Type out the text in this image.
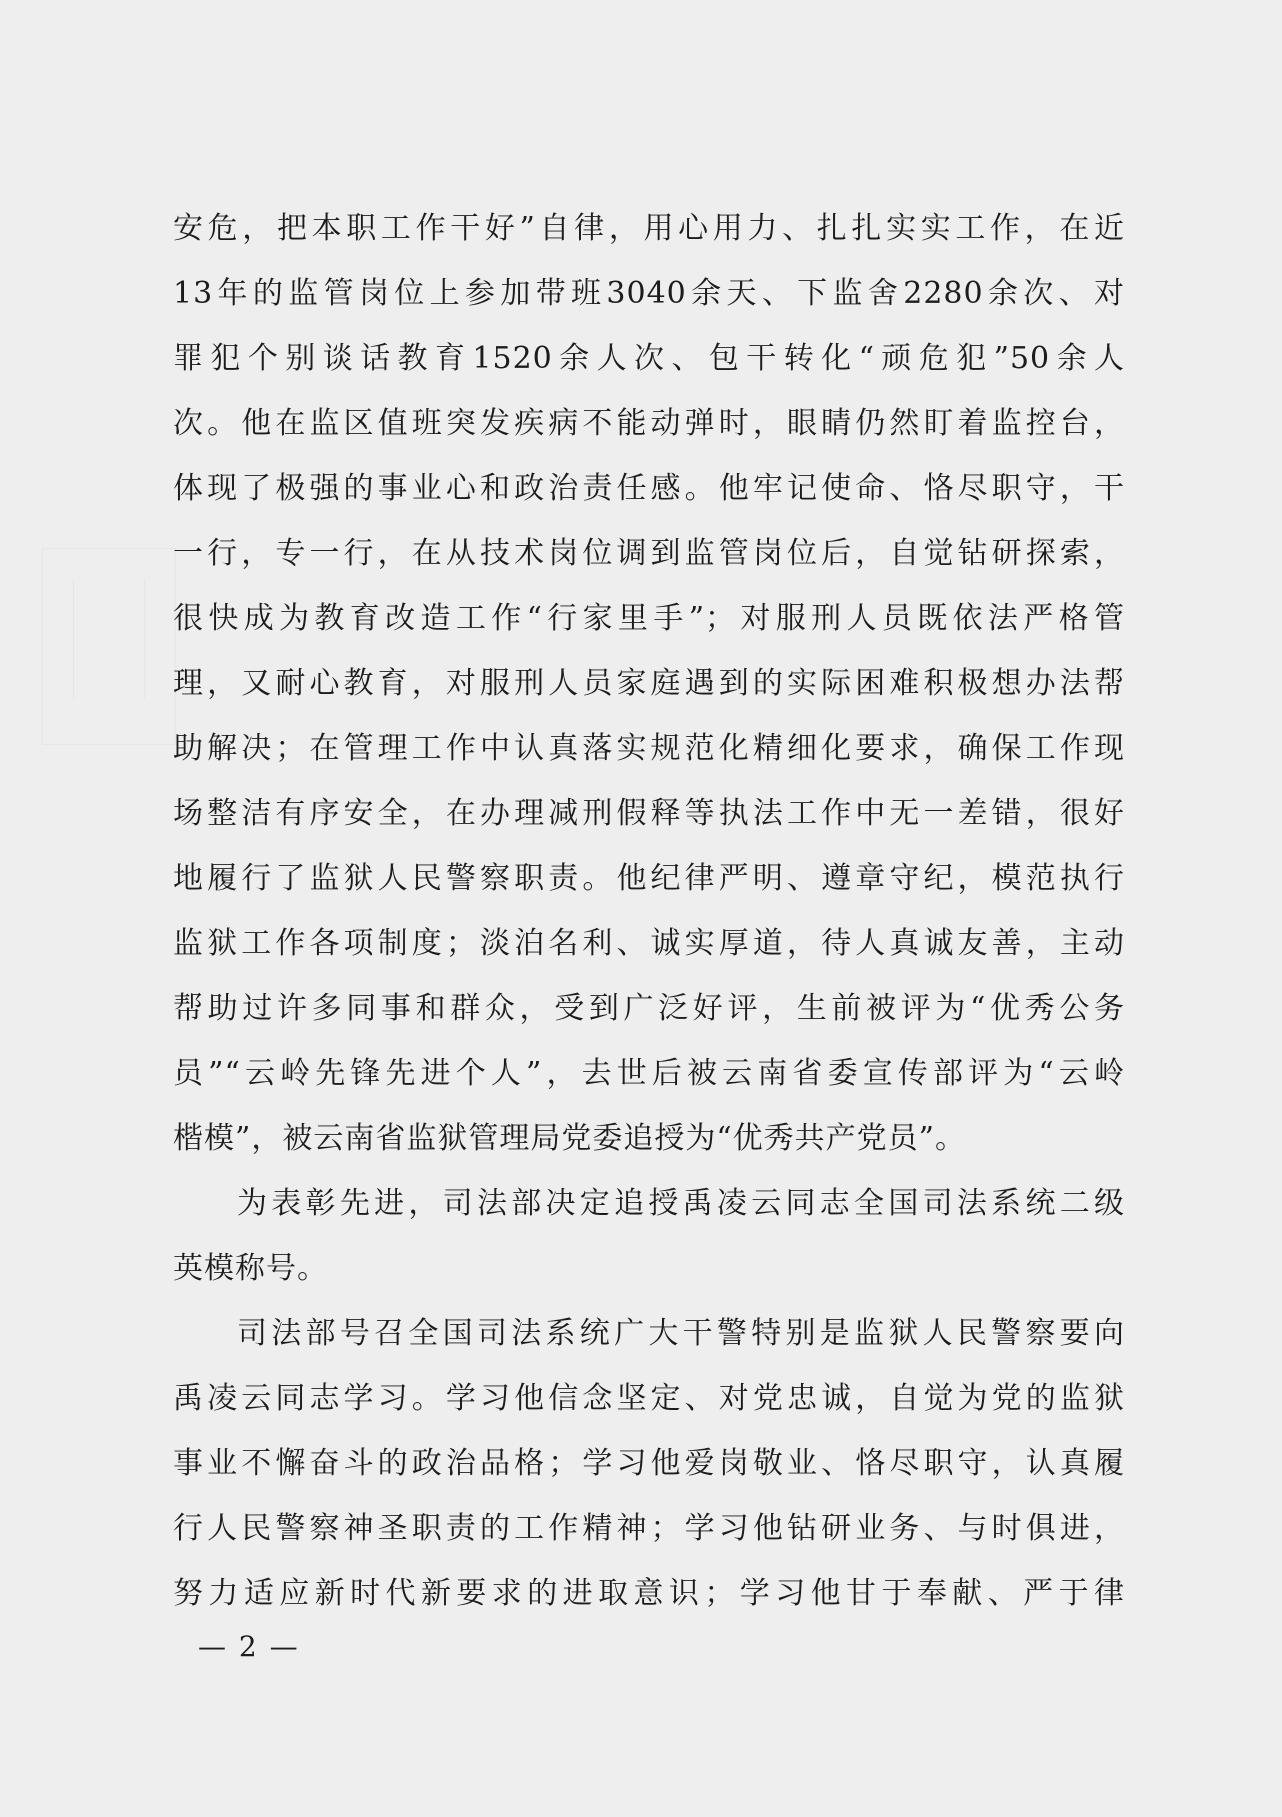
安危，把本职工作干好”自律，用心用力、扎扎实实工作，在近
13年的监管岗位上参加带班3040余天、下监舍2280余次、对
罪犯个别谈话教育1520余人次、包干转化“顽危犯”50余人
次。他在监区值班突发疾病不能动弹时，眼睛仍然盯着监控台，
体现了极强的事业心和政治责任感。他牢记使命、恪尽职守，干
一行，专一行，在从技术岗位调到监管岗位后，自觉钻研探索，
很快成为教育改造工作“行家里手”；对服刑人员既依法严格管
理，又耐心教育，对服刑人员家庭遇到的实际困难积极想办法帮
助解决；在管理工作中认真落实规范化精细化要求，确保工作现
场整洁有序安全，在办理减刑假释等执法工作中无一差错，很好
地履行了监狱人民警察职责。他纪律严明、遵章守纪，模范执行
监狱工作各项制度；淡泊名利、诚实厚道，待人真诚友善，主动
帮助过许多同事和群众，受到广泛好评，生前被评为“优秀公务
员”“云岭先锋先进个人”，去世后被云南省委宣传部评为“云岭
楷模”，被云南省监狱管理局党委追授为“优秀共产党员”。
为表彰先进，司法部决定追授禹凌云同志全国司法系统二级
英模称号。
司法部号召全国司法系统广大干警特别是监狱人民警察要向
禹凌云同志学习。学习他信念坚定、对党忠诚，自觉为党的监狱
事业不懈奋斗的政治品格；学习他爱岗敬业、恪尽职守，认真履
行人民警察神圣职责的工作精神；学习他钻研业务、与时俱进，
努力适应新时代新要求的进取意识；学习他甘于奉献、严于律
— 2 —
